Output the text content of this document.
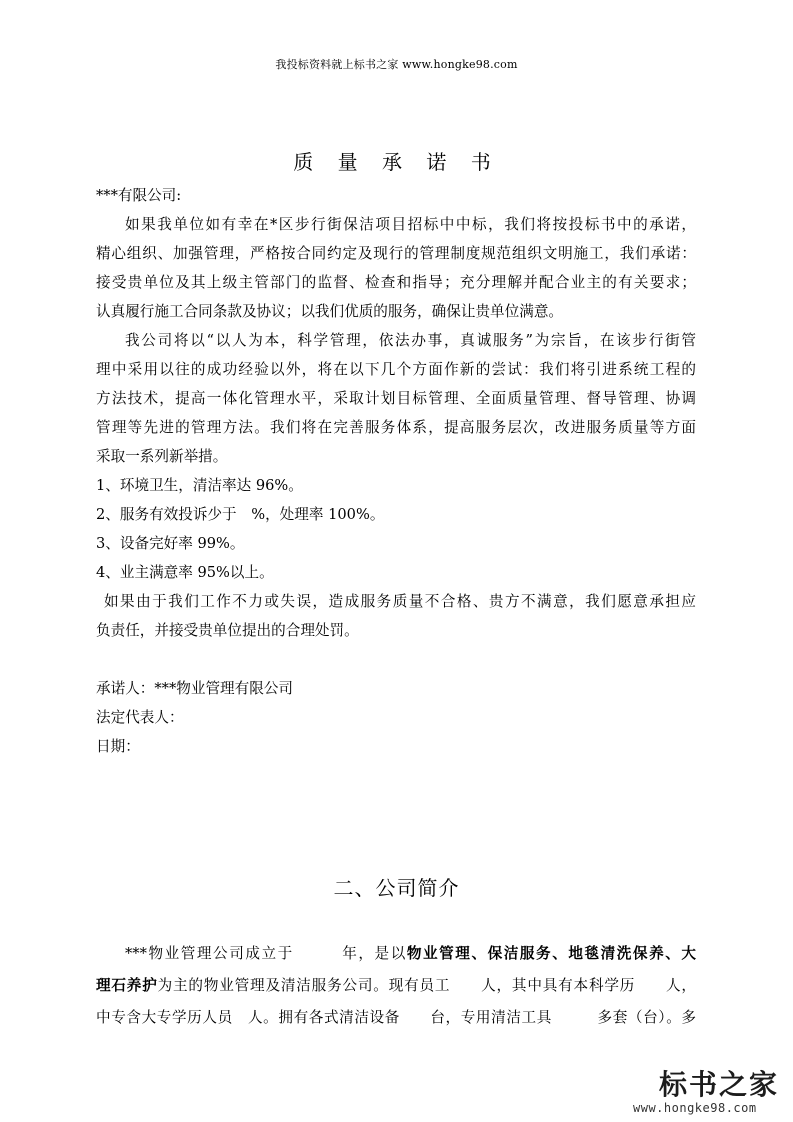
我投标资料就上标书之家 www.hongke98.com
质 量 承 诺 书
***有限公司:
如果我单位如有幸在*区步行街保洁项目招标中中标，我们将按投标书中的承诺，
精心组织、加强管理，严格按合同约定及现行的管理制度规范组织文明施工，我们承诺：
接受贵单位及其上级主管部门的监督、检查和指导；充分理解并配合业主的有关要求；
认真履行施工合同条款及协议；以我们优质的服务，确保让贵单位满意。
我公司将以“以人为本，科学管理，依法办事，真诚服务”为宗旨，在该步行街管
理中采用以往的成功经验以外，将在以下几个方面作新的尝试：我们将引进系统工程的
方法技术，提高一体化管理水平，采取计划目标管理、全面质量管理、督导管理、协调
管理等先进的管理方法。我们将在完善服务体系，提高服务层次，改进服务质量等方面
采取一系列新举措。
1、环境卫生，清洁率达 96%。
2、服务有效投诉少于　%，处理率 100%。
3、设备完好率 99%。
4、业主满意率 95%以上。
如果由于我们工作不力或失误，造成服务质量不合格、贵方不满意，我们愿意承担应
负责任，并接受贵单位提出的合理处罚。
承诺人：***物业管理有限公司
法定代表人：
日期：
二、公司简介
***物业管理公司成立于　　　年，是以物业管理、保洁服务、地毯清洗保养、大
理石养护为主的物业管理及清洁服务公司。现有员工　　人，其中具有本科学历　　人，
中专含大专学历人员　人。拥有各式清洁设备　　台，专用清洁工具　　　多套（台）。多
标书之家
www.hongke98.com
